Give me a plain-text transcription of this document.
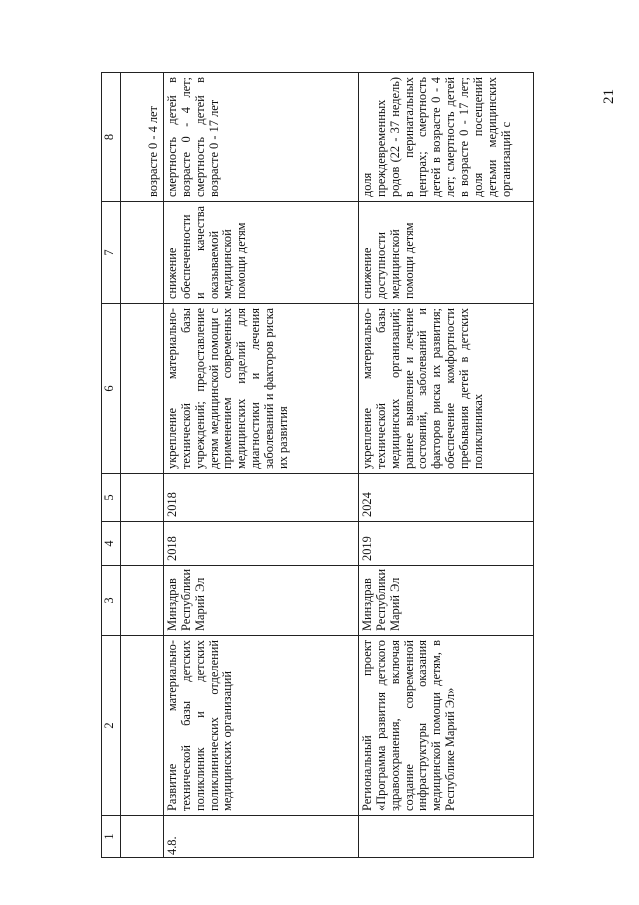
21
1	2	3	4	5	6	7	8
							возрасте 0 - 4 лет
4.8.	Развитие материально-технической базы детских поликлиник и детских поликлинических отделений медицинских организаций	Минздрав Республики Марий Эл	2018	2018	укрепление материально-технической базы учреждений; предоставление детям медицинской помощи с применением современных медицинских изделий для диагностики и лечения заболеваний и факторов риска их развития	снижение обеспеченности и качества оказываемой медицинской помощи детям	смертность детей в возрасте 0 - 4 лет; смертность детей в возрасте 0 - 17 лет
	Региональный проект «Программа развития детского здравоохранения, включая создание современной инфраструктуры оказания медицинской помощи детям, в Республике Марий Эл»	Минздрав Республики Марий Эл	2019	2024	укрепление материально-технической базы медицинских организаций; раннее выявление и лечение состояний, заболеваний и факторов риска их развития; обеспечение комфортности пребывания детей в детских поликлиниках	снижение доступности медицинской помощи детям	доля преждевременных родов (22 - 37 недель) в перинатальных центрах; смертность детей в возрасте 0 - 4 лет; смертность детей в возрасте 0 - 17 лет; доля посещений детьми медицинских организаций с
